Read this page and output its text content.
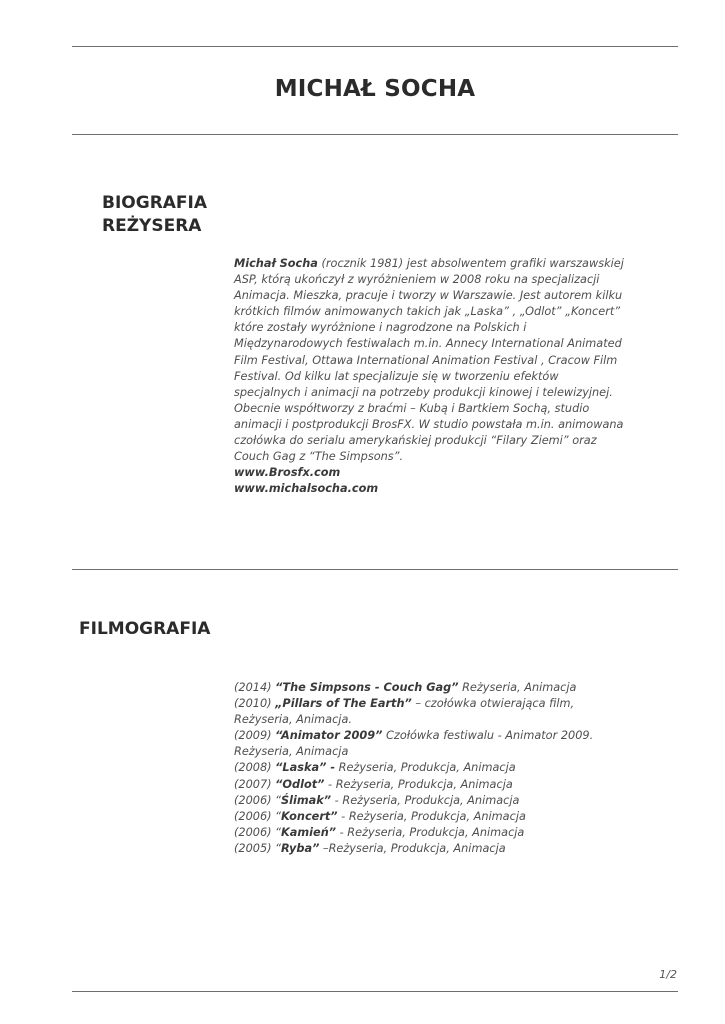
MICHAŁ SOCHA
BIOGRAFIA
REŻYSERA
Michał Socha (rocznik 1981) jest absolwentem grafiki warszawskiej ASP, którą ukończył z wyróżnieniem w 2008 roku na specjalizacji Animacja. Mieszka, pracuje i tworzy w Warszawie. Jest autorem kilku krótkich filmów animowanych takich jak „Laska” , „Odlot” „Koncert” które zostały wyróżnione i nagrodzone na Polskich i Międzynarodowych festiwalach m.in. Annecy International Animated Film Festival, Ottawa International Animation Festival , Cracow Film Festival. Od kilku lat specjalizuje się w tworzeniu efektów specjalnych i animacji na potrzeby produkcji kinowej i telewizyjnej. Obecnie współtworzy z braćmi – Kubą i Bartkiem Sochą, studio animacji i postprodukcji BrosFX. W studio powstała m.in. animowana czołówka do serialu amerykańskiej produkcji “Filary Ziemi” oraz Couch Gag z “The Simpsons”.
www.Brosfx.com
www.michalsocha.com
FILMOGRAFIA
(2014) “The Simpsons - Couch Gag” Reżyseria, Animacja
(2010) „Pillars of The Earth” – czołówka otwierająca film, Reżyseria, Animacja.
(2009) “Animator 2009” Czołówka festiwalu - Animator 2009. Reżyseria, Animacja
(2008) “Laska” - Reżyseria, Produkcja, Animacja
(2007) “Odlot” - Reżyseria, Produkcja, Animacja
(2006) “Ślimak” - Reżyseria, Produkcja, Animacja
(2006) “Koncert” - Reżyseria, Produkcja, Animacja
(2006) “Kamień” - Reżyseria, Produkcja, Animacja
(2005) “Ryba” –Reżyseria, Produkcja, Animacja
1/2
